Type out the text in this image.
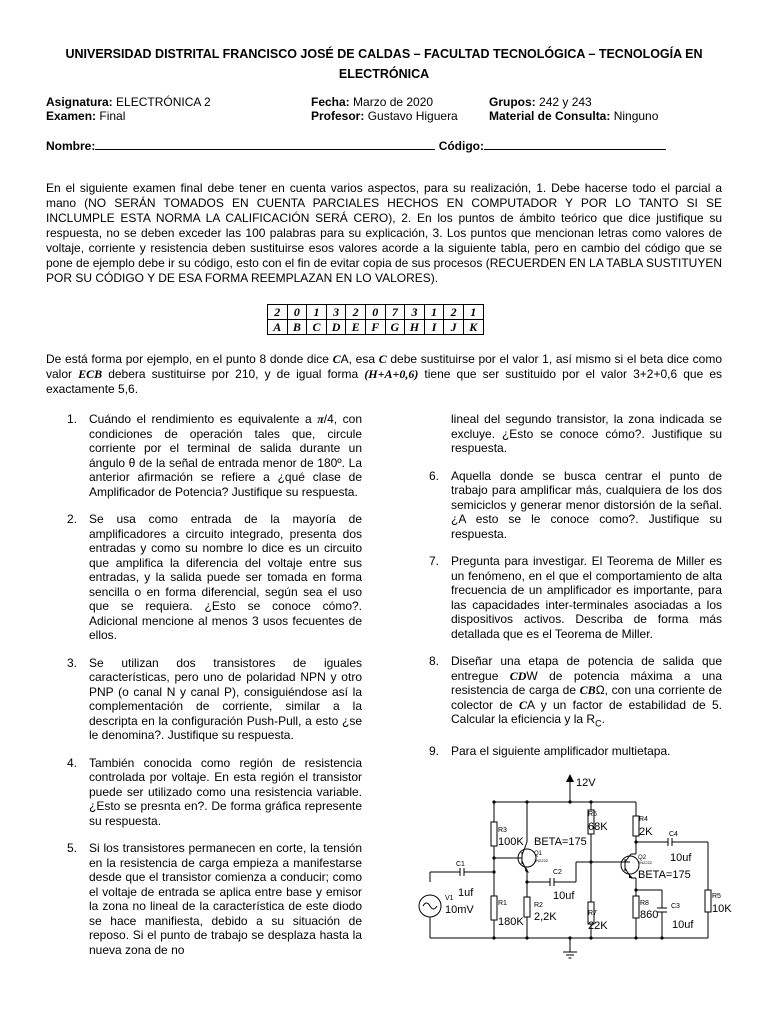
UNIVERSIDAD DISTRITAL FRANCISCO JOSÉ DE CALDAS – FACULTAD TECNOLÓGICA – TECNOLOGÍA EN
ELECTRÓNICA
Asignatura: ELECTRÓNICA 2
Examen: Final
Fecha: Marzo de 2020
Profesor: Gustavo Higuera
Grupos: 242 y 243
Material de Consulta: Ninguno
Nombre:	Código:
En el siguiente examen final debe tener en cuenta varios aspectos, para su realización, 1. Debe hacerse todo el parcial a mano (NO SERÁN TOMADOS EN CUENTA PARCIALES HECHOS EN COMPUTADOR Y POR LO TANTO SI SE INCLUMPLE ESTA NORMA LA CALIFICACIÓN SERÁ CERO), 2. En los puntos de ámbito teórico que dice justifique su respuesta, no se deben exceder las 100 palabras para su explicación, 3. Los puntos que mencionan letras como valores de voltaje, corriente y resistencia deben sustituirse esos valores acorde a la siguiente tabla, pero en cambio del código que se pone de ejemplo debe ir su código, esto con el fin de evitar copia de sus procesos (RECUERDEN EN LA TABLA SUSTITUYEN POR SU CÓDIGO Y DE ESA FORMA REEMPLAZAN EN LO VALORES).
2	0	1	3	2	0	7	3	1	2	1
A	B	C	D	E	F	G	H	I	J	K
De está forma por ejemplo, en el punto 8 donde dice CA, esa C debe sustituirse por el valor 1, así mismo si el beta dice como valor ECB debera sustituirse por 210, y de igual forma (H+A+0,6) tiene que ser sustituido por el valor 3+2+0,6 que es exactamente 5,6.
1. Cuándo el rendimiento es equivalente a π/4, con condiciones de operación tales que, circule corriente por el terminal de salida durante un ángulo θ de la señal de entrada menor de 180º. La anterior afirmación se refiere a ¿qué clase de Amplificador de Potencia? Justifique su respuesta.
2. Se usa como entrada de la mayoría de amplificadores a circuito integrado, presenta dos entradas y como su nombre lo dice es un circuito que amplifica la diferencia del voltaje entre sus entradas, y la salida puede ser tomada en forma sencilla o en forma diferencial, según sea el uso que se requiera. ¿Esto se conoce cómo?. Adicional mencione al menos 3 usos fecuentes de ellos.
3. Se utilizan dos transistores de iguales características, pero uno de polaridad NPN y otro PNP (o canal N y canal P), consiguiéndose así la complementación de corriente, similar a la descripta en la configuración Push-Pull, a esto ¿se le denomina?. Justifique su respuesta.
4. También conocida como región de resistencia controlada por voltaje. En esta región el transistor puede ser utilizado como una resistencia variable. ¿Esto se presnta en?. De forma gráfica represente su respuesta.
5. Si los transistores permanecen en corte, la tensión en la resistencia de carga empieza a manifestarse desde que el transistor comienza a conducir; como el voltaje de entrada se aplica entre base y emisor la zona no lineal de la característica de este diodo se hace manifiesta, debido a su situación de reposo. Si el punto de trabajo se desplaza hasta la nueva zona de no
lineal del segundo transistor, la zona indicada se excluye. ¿Esto se conoce cómo?. Justifique su respuesta.
6. Aquella donde se busca centrar el punto de trabajo para amplificar más, cualquiera de los dos semiciclos y generar menor distorsión de la señal. ¿A esto se le conoce como?. Justifique su respuesta.
7. Pregunta para investigar. El Teorema de Miller es un fenómeno, en el que el comportamiento de alta frecuencia de un amplificador es importante, para las capacidades inter-terminales asociadas a los dispositivos activos. Describa de forma más detallada que es el Teorema de Miller.
8. Diseñar una etapa de potencia de salida que entregue CDW de potencia máxima a una resistencia de carga de CBΩ, con una corriente de colector de CA y un factor de estabilidad de 5. Calcular la eficiencia y la $R_C$.
9. Para el siguiente amplificador multietapa.
12V
R3
100K BETA=175
Q1
2N2222
R6
68K
R4
2K C4
10uf
Q2
2N2222
BETA=175
C1
1uf
C2
10uf
V1
10mV
R1
180K
R2
2,2K	R7
22K
R8
860
C3
10uf
R5
10K
